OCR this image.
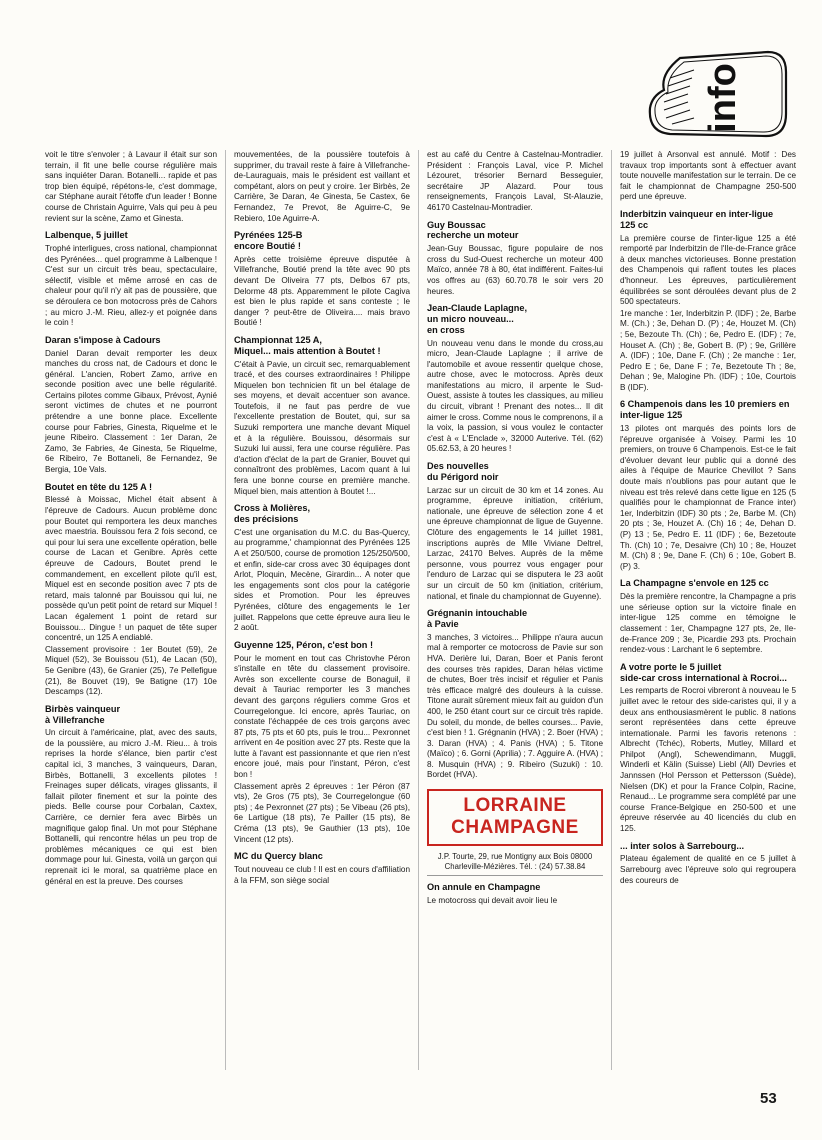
info

voit le titre s'envoler ; à Lavaur il était sur son terrain, il fit une belle course régulière mais sans inquiéter Daran. Botanelli... rapide et pas trop bien équipé, répétons-le, c'est dommage, car Stéphane aurait l'étoffe d'un leader ! Bonne course de Christain Aguirre, Vals qui peu à peu revient sur la scène, Zamo et Ginesta.

Lalbenque, 5 juillet

Trophé interligues, cross national, championnat des Pyrénées... quel programme à Lalbenque ! C'est sur un circuit très beau, spectaculaire, sélectif, visible et même arrosé en cas de chaleur pour qu'il n'y ait pas de poussière, que se déroulera ce bon motocross près de Cahors ; au micro J.-M. Rieu, allez-y et poignée dans le coin !

Daran s'impose à Cadours

Daniel Daran devait remporter les deux manches du cross nat, de Cadours et donc le général. L'ancien, Robert Zamo, arrive en seconde position avec une belle régularité. Certains pilotes comme Gibaux, Prévost, Aynié seront victimes de chutes et ne pourront prétendre a une bonne place. Excellente course pour Fabries, Ginesta, Riquelme et le jeune Ribeiro. Classement : 1er Daran, 2e Zamo, 3e Fabries, 4e Ginesta, 5e Riquelme, 6e Ribeiro, 7e Bottaneli, 8e Fernandez, 9e Bergia, 10e Vals.

Boutet en tête du 125 A !

Blessé à Moissac, Michel était absent à l'épreuve de Cadours. Aucun problème donc pour Boutet qui remportera les deux manches avec maestria. Bouissou fera 2 fois second, ce qui pour lui sera une excellente opération, belle course de Lacan et Genibre. Après cette épreuve de Cadours, Boutet prend le commandement, en excellent pilote qu'il est, Miquel est en seconde position avec 7 pts de retard, mais talonné par Bouissou qui lui, ne possède qu'un petit point de retard sur Miquel ! Lacan également 1 point de retard sur Bouissou... Dingue ! un paquet de tête super concentré, un 125 A endiablé.

Classement provisoire : 1er Boutet (59), 2e Miquel (52), 3e Bouissou (51), 4e Lacan (50), 5e Genibre (43), 6e Granier (25), 7e Pellefigue (21), 8e Bouvet (19), 9e Batigne (17) 10e Descamps (12).

Birbès vainqueur
à Villefranche

Un circuit à l'américaine, plat, avec des sauts, de la poussière, au micro J.-M. Rieu... à trois reprises la horde s'élance, bien partir c'est capital ici, 3 manches, 3 vainqueurs, Daran, Birbès, Bottanelli, 3 excellents pilotes ! Freinages super délicats, virages glissants, il fallait piloter finement et sur la pointe des pieds. Belle course pour Corbalan, Caxtex, Carrière, ce dernier fera avec Birbès un magnifique galop final. Un mot pour Stéphane Bottanelli, qui rencontre hélas un peu trop de problèmes mécaniques ce qui est bien dommage pour lui. Ginesta, voilà un garçon qui reprenait ici le moral, sa quatrième place en général en est la preuve. Des courses

mouvementées, de la poussière toutefois à supprimer, du travail reste à faire à Villefranche-de-Lauraguais, mais le président est vaillant et compétant, alors on peut y croire. 1er Birbès, 2e Carrière, 3e Daran, 4e Ginesta, 5e Castex, 6e Fernandez, 7e Prevot, 8e Aguirre-C, 9e Rebiero, 10e Aguirre-A.

Pyrénées 125-B
encore Boutié !

Après cette troisième épreuve disputée à Villefranche, Boutié prend la tête avec 90 pts devant De Oliveira 77 pts, Delbos 67 pts, Delorme 48 pts. Apparemment le pilote Cagiva est bien le plus rapide et sans conteste ; le danger ? peut-être de Oliveira.... mais bravo Boutié !

Championnat 125 A,
Miquel... mais attention à Boutet !

C'était à Pavie, un circuit sec, remarquablement tracé, et des courses extraordinaires ! Philippe Miquelen bon technicien fit un bel étalage de ses moyens, et devait accentuer son avance. Toutefois, il ne faut pas perdre de vue l'excellente prestation de Boutet, qui, sur sa Suzuki remportera une manche devant Miquel et à la régulière. Bouissou, désormais sur Suzuki lui aussi, fera une course régulière. Pas d'action d'éclat de la part de Granier, Bouvet qui connaîtront des problèmes, Lacom quant à lui fera une bonne course en première manche. Miquel bien, mais attention à Boutet !...

Cross à Molières,
des précisions

C'est une organisation du M.C. du Bas-Quercy, au programme,' championnat des Pyrénées 125 A et 250/500, course de promotion 125/250/500, et enfin, side-car cross avec 30 équipages dont Arlot, Ploquin, Mecène, Girardin... A noter que les engagements sont clos pour la catégorie sides et Promotion. Pour les épreuves Pyrénées, clôture des engagements le 1er juillet. Rappelons que cette épreuve aura lieu le 2 août.

Guyenne 125, Péron, c'est bon !

Pour le moment en tout cas Christovhe Péron s'installe en tête du classement provisoire. Avrès son excellente course de Bonaguil, il devait à Tauriac remporter les 3 manches devant des garçons réguliers comme Gros et Courregelongue. Ici encore, après Tauriac, on constate l'échappée de ces trois garçons avec 87 pts, 75 pts et 60 pts, puis le trou... Pexronnet arrivent en 4e position avec 27 pts. Reste que la lutte à l'avant est passionnante et que rien n'est encore joué, mais pour l'instant, Péron, c'est bon !

Classement après 2 épreuves : 1er Péron (87 vts), 2e Gros (75 pts), 3e Courregelongue (60 pts) ; 4e Pexronnet (27 pts) ; 5e Vibeau (26 pts), 6e Lartigue (18 pts), 7e Pailler (15 pts), 8e Créma (13 pts), 9e Gauthier (13 pts), 10e Vincent (12 pts).

MC du Quercy blanc

Tout nouveau ce club ! Il est en cours d'affiliation à la FFM, son siège social

est au café du Centre à Castelnau-Montradier. Président : François Laval, vice P. Michel Lézouret, trésorier Bernard Besseguier, secrétaire JP Alazard. Pour tous renseignements, François Laval, St-Alauzie, 46170 Castelnau-Montradier.

Guy Boussac
recherche un moteur

Jean-Guy Boussac, figure populaire de nos cross du Sud-Ouest recherche un moteur 400 Maïco, année 78 à 80, état indifférent. Faites-lui vos offres au (63) 60.70.78 le soir vers 20 heures.

Jean-Claude Laplagne,
un micro nouveau...
en cross

Un nouveau venu dans le monde du cross,au micro, Jean-Claude Laplagne ; il arrive de l'automobile et avoue ressentir quelque chose, autre chose, avec le motocross. Après deux manifestations au micro, il arpente le Sud-Ouest, assiste à toutes les classiques, au milieu du circuit, vibrant ! Prenant des notes... Il dit aimer le cross. Comme nous le comprenons, il a la voix, la passion, si vous voulez le contacter c'est à « L'Enclade », 32000 Auterive. Tél. (62) 05.62.53, à 20 heures !

Des nouvelles
du Périgord noir

Larzac sur un circuit de 30 km et 14 zones. Au programme, épreuve initiation, critérium, nationale, une épreuve de sélection zone 4 et une épreuve championnat de ligue de Guyenne. Clôture des engagements le 14 juillet 1981, inscriptions auprès de Mlle Viviane Deltrel, Larzac, 24170 Belves. Auprès de la même personne, vous pourrez vous engager pour l'enduro de Larzac qui se disputera le 23 août sur un circuit de 50 km (initiation, critérium, national, et finale du championnat de Guyenne).

Grégnanin intouchable
à Pavie

3 manches, 3 victoires... Philippe n'aura aucun mal à remporter ce motocross de Pavie sur son HVA. Derière lui, Daran, Boer et Panis feront des courses très rapides, Daran hélas victime de chutes, Boer très incisif et régulier et Panis très efficace malgré des douleurs à la cuisse. Titone aurait sûrement mieux fait au guidon d'un 400, le 250 étant court sur ce circuit très rapide. Du soleil, du monde, de belles courses... Pavie, c'est bien ! 1. Grégnanin (HVA) ; 2. Boer (HVA) ; 3. Daran (HVA) ; 4. Panis (HVA) ; 5. Titone (Maïco) ; 6. Gorni (Aprilia) ; 7. Agguire A. (HVA) ; 8. Musquin (HVA) ; 9. Ribeiro (Suzuki) : 10. Bordet (HVA).

LORRAINE
CHAMPAGNE
J.P. Tourte, 29, rue Montigny aux Bois 08000 Charleville-Mézières. Tél. : (24) 57.38.84
On annule en Champagne

Le motocross qui devait avoir lieu le

19 juillet à Arsonval est annulé. Motif : Des travaux trop importants sont à effectuer avant toute nouvelle manifestation sur le terrain. De ce fait le championnat de Champagne 250-500 perd une épreuve.

Inderbitzin vainqueur en inter-ligue
125 cc

La première course de l'inter-ligue 125 a été remporté par Inderbitzin de l'Ile-de-France grâce à deux manches victorieuses. Bonne prestation des Champenois qui raflent toutes les places d'honneur. Les épreuves, particulièrement équilibrées se sont déroulées devant plus de 2 500 spectateurs.

1re manche : 1er, Inderbitzin P. (IDF) ; 2e, Barbe M. (Ch.) ; 3e, Dehan D. (P) ; 4e, Houzet M. (Ch) ; 5e, Bezoute Th. (Ch) ; 6e, Pedro E. (IDF) ; 7e, Houset A. (Ch) ; 8e, Gobert B. (P) ; 9e, Grillère A. (IDF) ; 10e, Dane F. (Ch) ; 2e manche : 1er, Pedro E ; 6e, Dane F ; 7e, Bezetoute Th ; 8e, Dehan ; 9e, Malogine Ph. (IDF) ; 10e, Courtois B (IDF).

6 Champenois dans les 10 premiers en
inter-ligue 125

13 pilotes ont marqués des points lors de l'épreuve organisée à Voisey. Parmi les 10 premiers, on trouve 6 Champenois. Est-ce le fait d'évoluer devant leur public qui a donné des ailes à l'équipe de Maurice Chevillot ? Sans doute mais n'oublions pas pour autant que le niveau est très relevé dans cette ligue en 125 (5 qualifiés pour le championnat de France inter) 1er, Inderbitzin (IDF) 30 pts ; 2e, Barbe M. (Ch) 20 pts ; 3e, Houzet A. (Ch) 16 ; 4e, Dehan D. (P) 13 ; 5e, Pedro E. 11 (IDF) ; 6e, Bezetoute Th. (Ch) 10 ; 7e, Desaivre (Ch) 10 ; 8e, Houzet M. (Ch) 8 ; 9e, Dane F. (Ch) 6 ; 10e, Gobert B. (P) 3.

La Champagne s'envole en 125 cc

Dès la première rencontre, la Champagne a pris une sérieuse option sur la victoire finale en inter-ligue 125 comme en témoigne le classement : 1er, Champagne 127 pts, 2e, Ile-de-France 209 ; 3e, Picardie 293 pts. Prochain rendez-vous : Larchant le 6 septembre.

A votre porte le 5 juillet
side-car cross international à Rocroi...

Les remparts de Rocroi vibreront à nouveau le 5 juillet avec le retour des side-caristes qui, il y a deux ans enthousiasmèrent le public. 8 nations seront représentées dans cette épreuve internationale. Parmi les favoris retenons : Albrecht (Tchéc), Roberts, Mutley, Millard et Philpot (Angl), Schewendimann, Muggli, Winderli et Kälin (Suisse) Liebl (All) Devries et Jannssen (Hol Persson et Pettersson (Suède), Nielsen (DK) et pour la France Colpin, Racine, Renaud... Le programme sera complété par une course France-Belgique en 250-500 et une épreuve réservée au 40 licenciés du club en 125.

... inter solos à Sarrebourg...

Plateau également de qualité en ce 5 juillet à Sarrebourg avec l'épreuve solo qui regroupera des coureurs de

53
